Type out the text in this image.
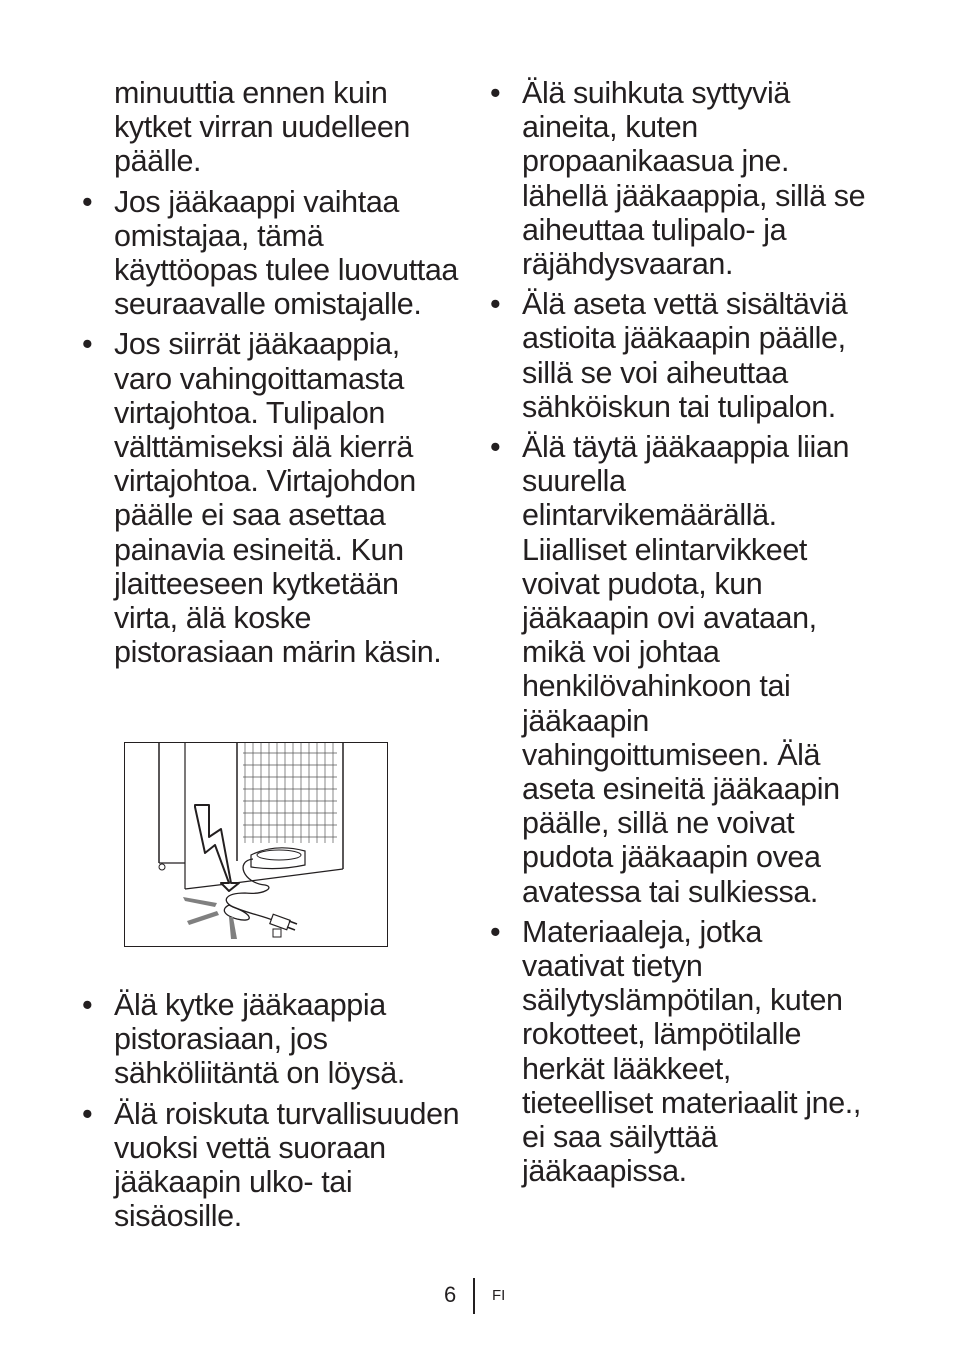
minuuttia ennen kuin kytket virran uudelleen päälle.
• Jos jääkaappi vaihtaa omistajaa, tämä käyttöopas tulee luovuttaa seuraavalle omistajalle.
• Jos siirrät jääkaappia, varo vahingoittamasta virtajohtoa. Tulipalon välttämiseksi älä kierrä virtajohtoa. Virtajohdon päälle ei saa asettaa painavia esineitä. Kun jlaitteeseen kytketään virta, älä koske pistorasiaan märin käsin.
• Älä kytke jääkaappia pistorasiaan, jos sähköliitäntä on löysä.
• Älä roiskuta turvallisuuden vuoksi vettä suoraan jääkaapin ulko- tai sisäosille.
• Älä suihkuta syttyviä aineita, kuten propaanikaasua jne. lähellä jääkaappia, sillä se aiheuttaa tulipalo- ja räjähdysvaaran.
• Älä aseta vettä sisältäviä astioita jääkaapin päälle, sillä se voi aiheuttaa sähköiskun tai tulipalon.
• Älä täytä jääkaappia liian suurella elintarvikemäärällä. Liialliset elintarvikkeet voivat pudota, kun jääkaapin ovi avataan, mikä voi johtaa henkilövahinkoon tai jääkaapin vahingoittumiseen. Älä aseta esineitä jääkaapin päälle, sillä ne voivat pudota jääkaapin ovea avatessa tai sulkiessa.
• Materiaaleja, jotka vaativat tietyn säilytyslämpötilan, kuten rokotteet, lämpötilalle herkät lääkkeet, tieteelliset materiaalit jne., ei saa säilyttää jääkaapissa.
6 FI
